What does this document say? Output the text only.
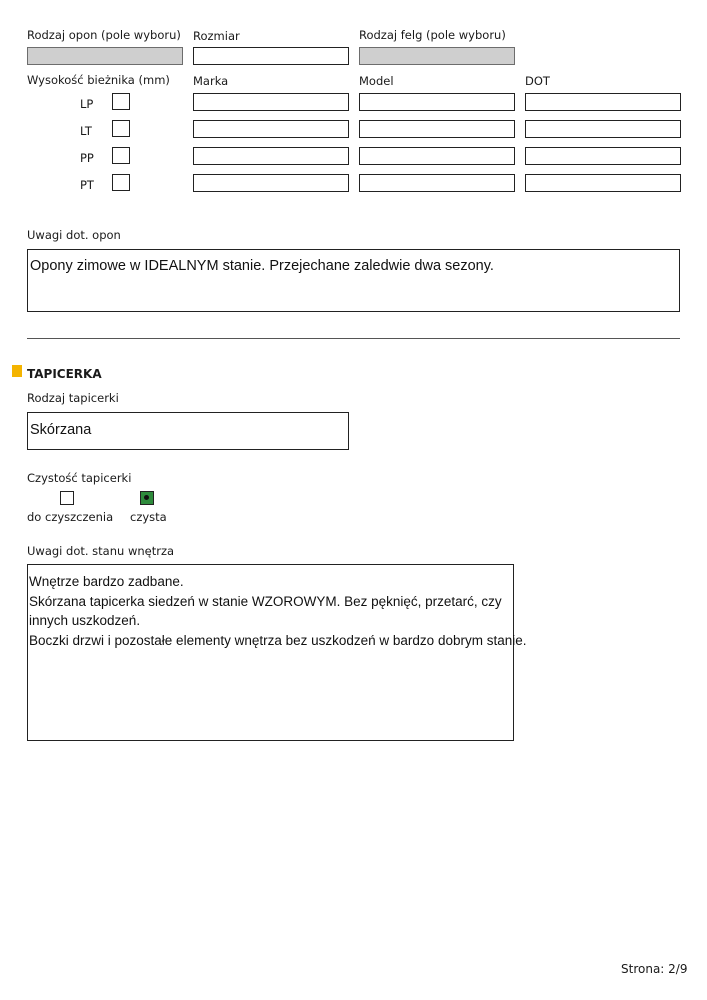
Rodzaj opon (pole wyboru) Rozmiar	Rodzaj felg (pole wyboru)
Wysokość bieżnika (mm) Marka	Model	DOT
LP
LT
PP
PT
Uwagi dot. opon
Opony zimowe w IDEALNYM stanie. Przejechane zaledwie dwa sezony.
TAPICERKA
Rodzaj tapicerki
Skórzana
Czystość tapicerki
do czyszczenia czysta
Uwagi dot. stanu wnętrza
Wnętrze bardzo zadbane.
Skórzana tapicerka siedzeń w stanie WZOROWYM. Bez pęknięć, przetarć, czy
innych uszkodzeń.
Boczki drzwi i pozostałe elementy wnętrza bez uszkodzeń w bardzo dobrym stanie.
Strona: 2/9
